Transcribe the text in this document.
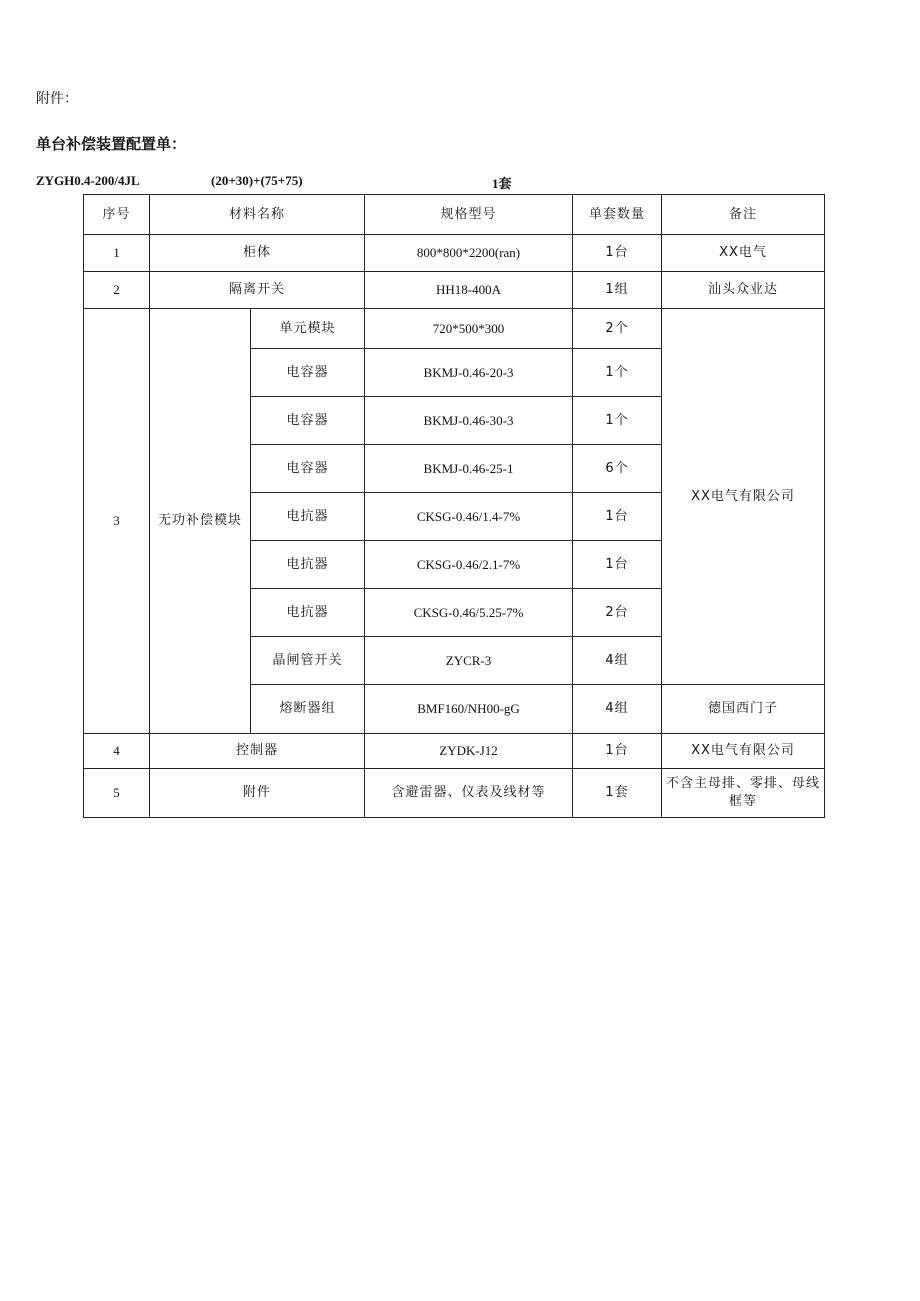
附件：
单台补偿装置配置单：
ZYGH0.4-200/4JL	(20+30)+(75+75)	1套
序号	材料名称		规格型号	单套数量	备注
1	柜体		800*800*2200(ran)	1台	XX电气
2	隔离开关		HH18-400A	1组	汕头众业达
3	无功补偿模块	单元模块	720*500*300	2个	XX电气有限公司
		电容器	BKMJ-0.46-20-3	1个	
		电容器	BKMJ-0.46-30-3	1个	
		电容器	BKMJ-0.46-25-1	6个	
		电抗器	CKSG-0.46/1.4-7%	1台	
		电抗器	CKSG-0.46/2.1-7%	1台	
		电抗器	CKSG-0.46/5.25-7%	2台	
		晶闸管开关	ZYCR-3	4组	
		熔断器组	BMF160/NH00-gG	4组	德国西门子
4	控制器		ZYDK-J12	1台	XX电气有限公司
5	附件		含避雷器、仪表及线材等	1套	不含主母排、零排、母线框等
